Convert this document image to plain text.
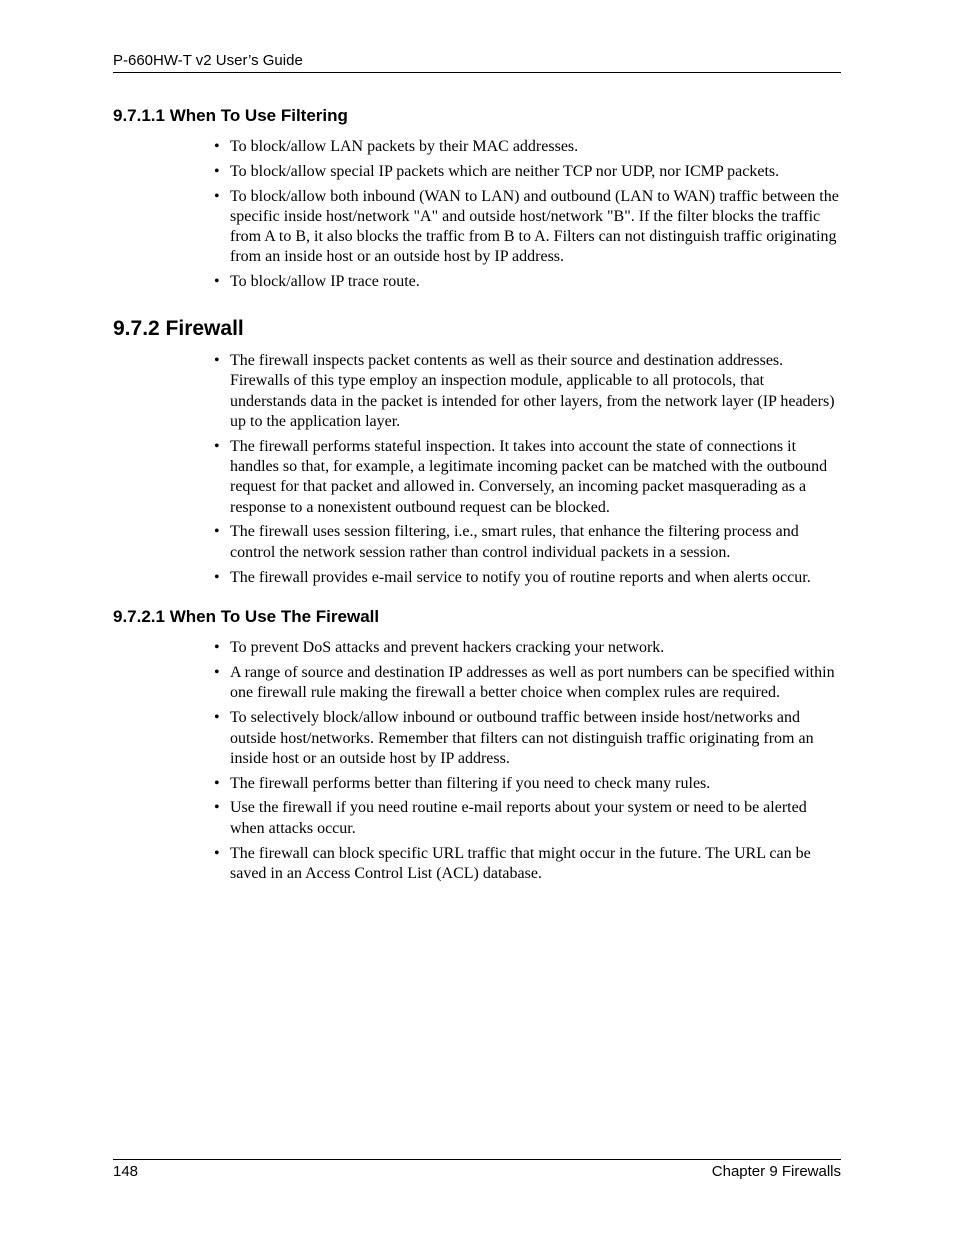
P-660HW-T v2 User’s Guide
9.7.1.1 When To Use Filtering
• To block/allow LAN packets by their MAC addresses.
• To block/allow special IP packets which are neither TCP nor UDP, nor ICMP packets.
• To block/allow both inbound (WAN to LAN) and outbound (LAN to WAN) traffic between the specific inside host/network "A" and outside host/network "B". If the filter blocks the traffic from A to B, it also blocks the traffic from B to A. Filters can not distinguish traffic originating from an inside host or an outside host by IP address.
• To block/allow IP trace route.
9.7.2 Firewall
• The firewall inspects packet contents as well as their source and destination addresses. Firewalls of this type employ an inspection module, applicable to all protocols, that understands data in the packet is intended for other layers, from the network layer (IP headers) up to the application layer.
• The firewall performs stateful inspection. It takes into account the state of connections it handles so that, for example, a legitimate incoming packet can be matched with the outbound request for that packet and allowed in. Conversely, an incoming packet masquerading as a response to a nonexistent outbound request can be blocked.
• The firewall uses session filtering, i.e., smart rules, that enhance the filtering process and control the network session rather than control individual packets in a session.
• The firewall provides e-mail service to notify you of routine reports and when alerts occur.
9.7.2.1 When To Use The Firewall
• To prevent DoS attacks and prevent hackers cracking your network.
• A range of source and destination IP addresses as well as port numbers can be specified within one firewall rule making the firewall a better choice when complex rules are required.
• To selectively block/allow inbound or outbound traffic between inside host/networks and outside host/networks. Remember that filters can not distinguish traffic originating from an inside host or an outside host by IP address.
• The firewall performs better than filtering if you need to check many rules.
• Use the firewall if you need routine e-mail reports about your system or need to be alerted when attacks occur.
• The firewall can block specific URL traffic that might occur in the future. The URL can be saved in an Access Control List (ACL) database.
148	Chapter 9 Firewalls
